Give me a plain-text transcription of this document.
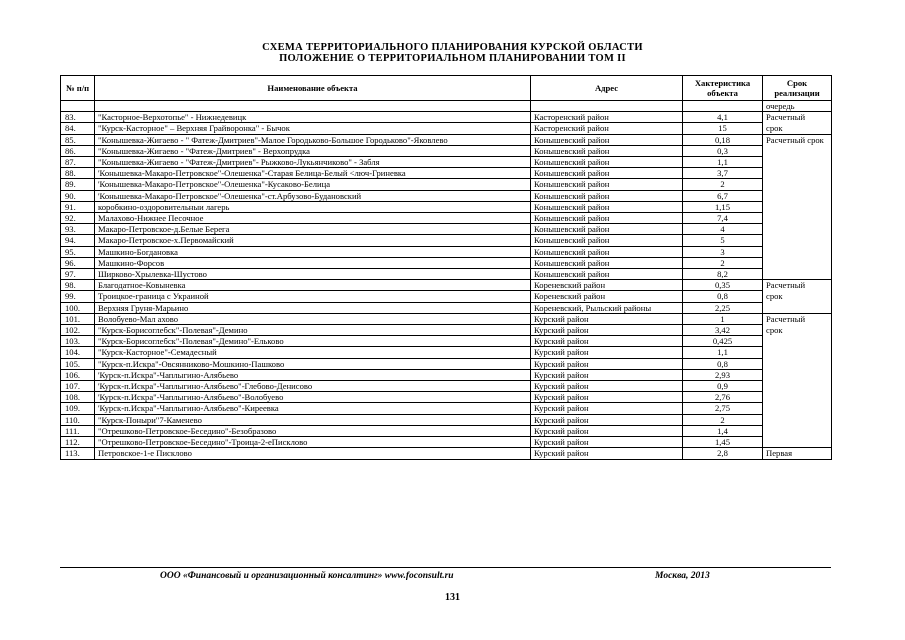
СХЕМА ТЕРРИТОРИАЛЬНОГО ПЛАНИРОВАНИЯ КУРСКОЙ ОБЛАСТИ
ПОЛОЖЕНИЕ О ТЕРРИТОРИАЛЬНОМ ПЛАНИРОВАНИИ ТОМ II
№ п/п	Наименование объекта	Адрес	Хактеристика объекта	Срок реализации
				очередь
83.	"Касторное-Верхотопье" - Нижнедевицк	Касторенский район	4,1	Расчетный
84.	"Курск-Касторное" – Верхняя Грайворонка" - Бычок	Касторенский район	15	срок
85.	"Конышевка-Жигаево - " Фатеж-Дмитриев"-Малое Городьково-Большое Городьково"-Яковлево	Конышевский район	0,18	Расчетный срок
86.	"Конышевка-Жигаево - "Фатеж-Дмитриев" - Верхопрудка	Конышевский район	0,3	
87.	"Конышевка-Жигаево - "Фатеж-Дмитриев"- Рыжково-Лукьянчиково" - Забля	Конышевский район	1,1	
88.	'Конышевка-Макаро-Петровское"-Олешенка"-Старая Белица-Белый <люч-Гриневка	Конышевский район	3,7	
89.	'Конышевка-Макаро-Петровское"-Олешенка"-Кусаково-Белица	Конышевский район	2	
90.	'Конышевка-Макаро-Петровское"-Олешенка"-ст.Арбузово-Будановский	Конышевский район	6,7	
91.	коробкино-оздоровительныи лагерь	Конышевский район	1,15	
92.	Малахово-Нижнее Песочное	Конышевский район	7,4	
93.	Макаро-Петровское-д.Белые Берега	Конышевский район	4	
94.	Макаро-Петровское-х.Первомайский	Конышевский район	5	
95.	Машкино-Богдановка	Конышевский район	3	
96.	Машкино-Форсов	Конышевский район	2	
97.	Ширково-Хрылевка-Шустово	Конышевский район	8,2	
98.	Благодатное-Ковыневка	Кореневский район	0,35	Расчетный
99.	Троицкое-граница с Украиной	Кореневский район	0,8	срок
100.	Верхняя Груня-Марьино	Кореневский, Рыльский районы	2,25	
101.	Волобуево-Мал ахово	Курский район	1	Расчетный
102.	"Курск-Борисоглебск"-Полевая"-Демино	Курский район	3,42	срок
103.	"Курск-Борисоглебск"-Полевая"-Демино"-Ельково	Курский район	0,425	
104.	"Курск-Касторное"-Семадесный	Курский район	1,1	
105.	"Курск-п.Искра"-Овсянниково-Мошкино-Пашково	Курский район	0,8	
106.	'Курск-п.Искра"-Чаплыгино-Алябьево	Курский район	2,93	
107.	'Курск-п.Искра"-Чаплыгино-Алябьево"-Глебово-Денисово	Курский район	0,9	
108.	'Курск-п.Искра"-Чаплыгино-Алябьево"-Волобуево	Курский район	2,76	
109.	'Курск-п.Искра"-Чаплыгино-Алябьево"-Киреевка	Курский район	2,75	
110.	"Курск-Поныри"7-Каменево	Курский район	2	
111.	"Отрешково-Петровское-Беседино"-Безобразово	Курский район	1,4	
112.	"Отрешково-Петровское-Беседино"-Троица-2-еПисклово	Курский район	1,45	
113.	Петровское-1-е Писклово	Курский район	2,8	Первая
ООО «Финансовый и организационный консалтинг» www.foconsult.ru	Москва, 2013
131
